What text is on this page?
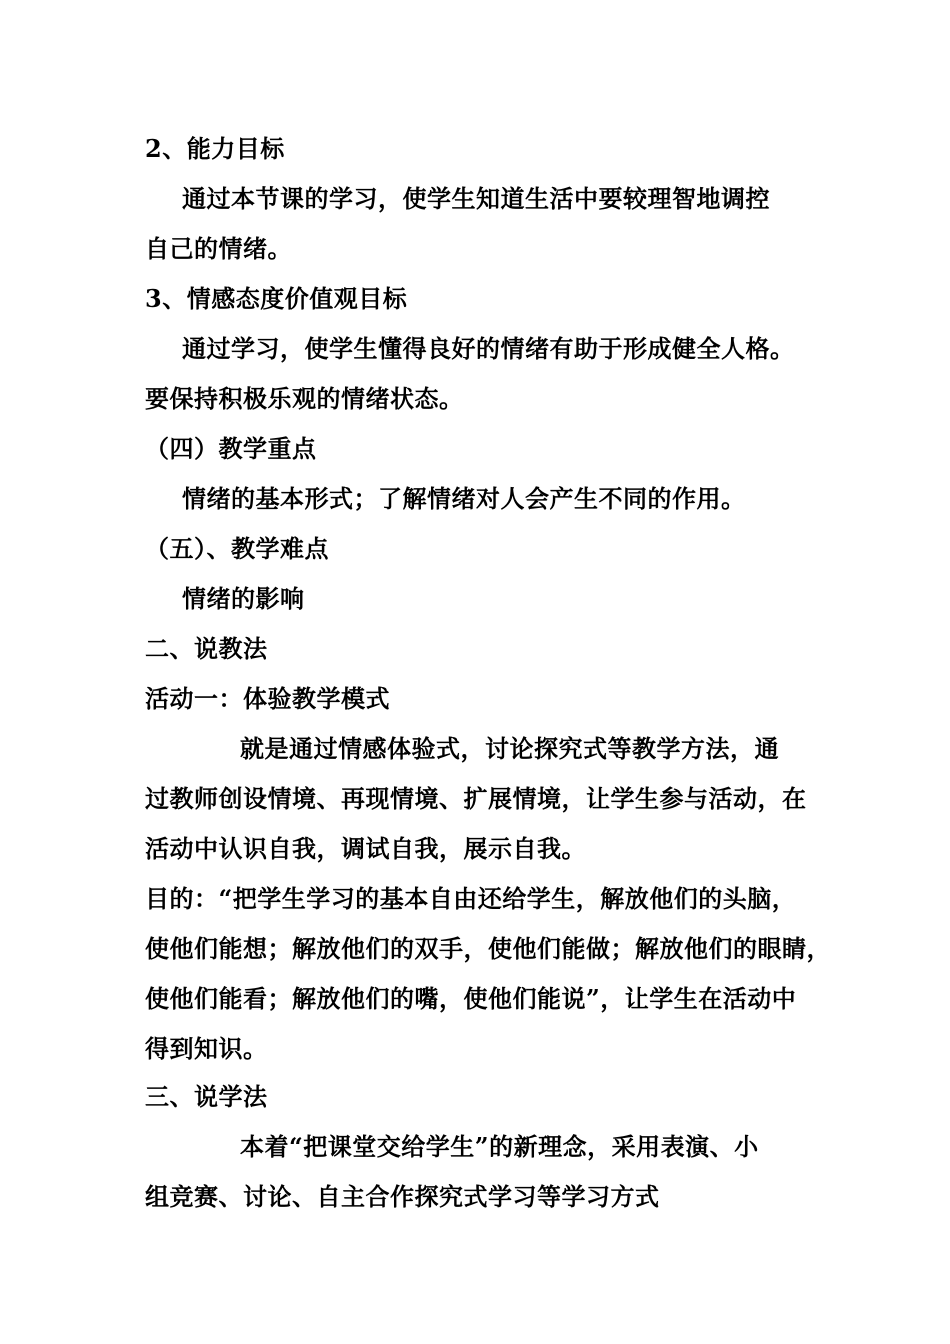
2、能力目标
通过本节课的学习，使学生知道生活中要较理智地调控
自己的情绪。
3、情感态度价值观目标
通过学习，使学生懂得良好的情绪有助于形成健全人格。
要保持积极乐观的情绪状态。
（四）教学重点
情绪的基本形式；了解情绪对人会产生不同的作用。
（五）、教学难点
情绪的影响
二、说教法
活动一：体验教学模式
就是通过情感体验式，讨论探究式等教学方法，通
过教师创设情境、再现情境、扩展情境，让学生参与活动，在
活动中认识自我，调试自我，展示自我。
目的：“把学生学习的基本自由还给学生，解放他们的头脑，
使他们能想；解放他们的双手，使他们能做；解放他们的眼睛，
使他们能看；解放他们的嘴，使他们能说”，让学生在活动中
得到知识。
三、说学法
本着“把课堂交给学生”的新理念，采用表演、小
组竞赛、讨论、自主合作探究式学习等学习方式
